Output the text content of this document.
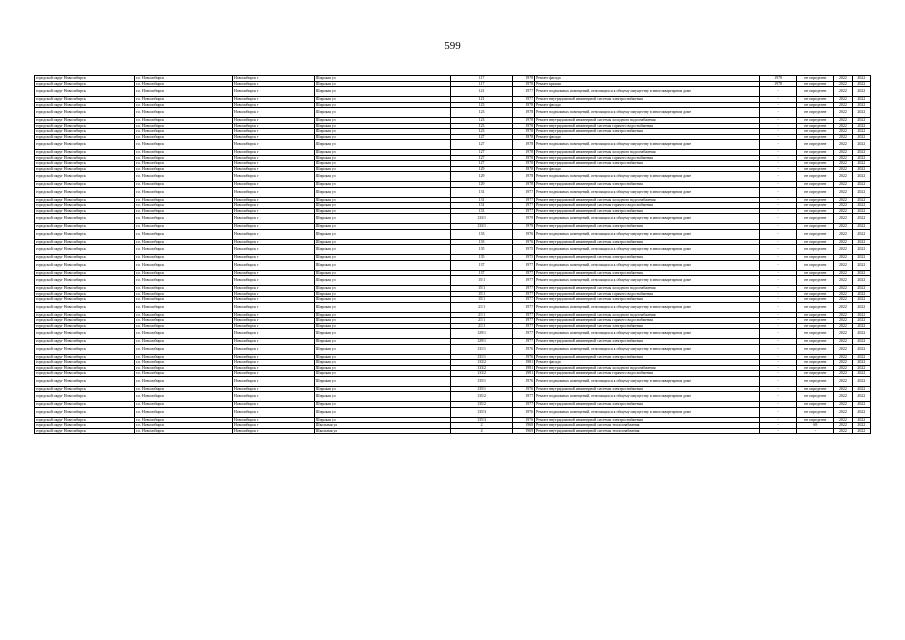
599
городской округ Новосибирск	г.о. Новосибирск	Новосибирск г	Широкая ул	117	1978	Ремонт фасада	1978	не определен	2022	2022
городской округ Новосибирск	г.о. Новосибирск	Новосибирск г	Широкая ул	117	1978	Ремонт крыши	1978	не определен	2022	2022
городской округ Новосибирск	г.о. Новосибирск	Новосибирск г	Широкая ул	121	1977	Ремонт подвальных помещений, относящихся к общему имуществу в многоквартирном доме	-	не определен	2022	2022
городской округ Новосибирск	г.о. Новосибирск	Новосибирск г	Широкая ул	121	1977	Ремонт внутридомовой инженерной системы электроснабжения	-	не определен	2022	2022
городской округ Новосибирск	г.о. Новосибирск	Новосибирск г	Широкая ул	123	1978	Ремонт фасада	-	не определен	2022	2022
городской округ Новосибирск	г.о. Новосибирск	Новосибирск г	Широкая ул	123	1978	Ремонт подвальных помещений, относящихся к общему имуществу в многоквартирном доме	-	не определен	2022	2022
городской округ Новосибирск	г.о. Новосибирск	Новосибирск г	Широкая ул	123	1978	Ремонт внутридомовой инженерной системы холодного водоснабжения	-	не определен	2022	2022
городской округ Новосибирск	г.о. Новосибирск	Новосибирск г	Широкая ул	123	1978	Ремонт внутридомовой инженерной системы горячего водоснабжения	-	не определен	2022	2022
городской округ Новосибирск	г.о. Новосибирск	Новосибирск г	Широкая ул	123	1978	Ремонт внутридомовой инженерной системы электроснабжения	-	не определен	2022	2022
городской округ Новосибирск	г.о. Новосибирск	Новосибирск г	Широкая ул	127	1978	Ремонт фасада	-	не определен	2022	2022
городской округ Новосибирск	г.о. Новосибирск	Новосибирск г	Широкая ул	127	1978	Ремонт подвальных помещений, относящихся к общему имуществу в многоквартирном доме	-	не определен	2022	2022
городской округ Новосибирск	г.о. Новосибирск	Новосибирск г	Широкая ул	127	1978	Ремонт внутридомовой инженерной системы холодного водоснабжения	-	не определен	2022	2022
городской округ Новосибирск	г.о. Новосибирск	Новосибирск г	Широкая ул	127	1978	Ремонт внутридомовой инженерной системы горячего водоснабжения	-	не определен	2022	2022
городской округ Новосибирск	г.о. Новосибирск	Новосибирск г	Широкая ул	127	1978	Ремонт внутридомовой инженерной системы электроснабжения	-	не определен	2022	2022
городской округ Новосибирск	г.о. Новосибирск	Новосибирск г	Широкая ул	129	1978	Ремонт фасада	-	не определен	2022	2022
городской округ Новосибирск	г.о. Новосибирск	Новосибирск г	Широкая ул	129	1978	Ремонт подвальных помещений, относящихся к общему имуществу в многоквартирном доме	-	не определен	2022	2022
городской округ Новосибирск	г.о. Новосибирск	Новосибирск г	Широкая ул	129	1978	Ремонт внутридомовой инженерной системы электроснабжения	-	не определен	2022	2022
городской округ Новосибирск	г.о. Новосибирск	Новосибирск г	Широкая ул	131	1977	Ремонт подвальных помещений, относящихся к общему имуществу в многоквартирном доме	-	не определен	2022	2022
городской округ Новосибирск	г.о. Новосибирск	Новосибирск г	Широкая ул	131	1977	Ремонт внутридомовой инженерной системы холодного водоснабжения	-	не определен	2022	2022
городской округ Новосибирск	г.о. Новосибирск	Новосибирск г	Широкая ул	131	1977	Ремонт внутридомовой инженерной системы горячего водоснабжения	-	не определен	2022	2022
городской округ Новосибирск	г.о. Новосибирск	Новосибирск г	Широкая ул	131	1977	Ремонт внутридомовой инженерной системы электроснабжения	-	не определен	2022	2022
городской округ Новосибирск	г.о. Новосибирск	Новосибирск г	Широкая ул	133/1	1979	Ремонт подвальных помещений, относящихся к общему имуществу в многоквартирном доме	-	не определен	2022	2022
городской округ Новосибирск	г.о. Новосибирск	Новосибирск г	Широкая ул	133/1	1979	Ремонт внутридомовой инженерной системы электроснабжения	-	не определен	2022	2022
городской округ Новосибирск	г.о. Новосибирск	Новосибирск г	Широкая ул	133	1976	Ремонт подвальных помещений, относящихся к общему имуществу в многоквартирном доме	-	не определен	2022	2022
городской округ Новосибирск	г.о. Новосибирск	Новосибирск г	Широкая ул	133	1976	Ремонт внутридомовой инженерной системы электроснабжения	-	не определен	2022	2022
городской округ Новосибирск	г.о. Новосибирск	Новосибирск г	Широкая ул	135	1975	Ремонт подвальных помещений, относящихся к общему имуществу в многоквартирном доме	-	не определен	2022	2022
городской округ Новосибирск	г.о. Новосибирск	Новосибирск г	Широкая ул	135	1975	Ремонт внутридомовой инженерной системы электроснабжения	-	не определен	2022	2022
городской округ Новосибирск	г.о. Новосибирск	Новосибирск г	Широкая ул	137	1977	Ремонт подвальных помещений, относящихся к общему имуществу в многоквартирном доме	-	не определен	2022	2022
городской округ Новосибирск	г.о. Новосибирск	Новосибирск г	Широкая ул	137	1977	Ремонт внутридомовой инженерной системы электроснабжения	-	не определен	2022	2022
городской округ Новосибирск	г.о. Новосибирск	Новосибирск г	Широкая ул	15/1	1977	Ремонт подвальных помещений, относящихся к общему имуществу в многоквартирном доме	-	не определен	2022	2022
городской округ Новосибирск	г.о. Новосибирск	Новосибирск г	Широкая ул	15/1	1977	Ремонт внутридомовой инженерной системы холодного водоснабжения	-	не определен	2022	2022
городской округ Новосибирск	г.о. Новосибирск	Новосибирск г	Широкая ул	15/1	1977	Ремонт внутридомовой инженерной системы горячего водоснабжения	-	не определен	2022	2022
городской округ Новосибирск	г.о. Новосибирск	Новосибирск г	Широкая ул	15/1	1977	Ремонт внутридомовой инженерной системы электроснабжения	-	не определен	2022	2022
городской округ Новосибирск	г.о. Новосибирск	Новосибирск г	Широкая ул	21/1	1977	Ремонт подвальных помещений, относящихся к общему имуществу в многоквартирном доме	-	не определен	2022	2022
городской округ Новосибирск	г.о. Новосибирск	Новосибирск г	Широкая ул	21/1	1977	Ремонт внутридомовой инженерной системы холодного водоснабжения	-	не определен	2022	2022
городской округ Новосибирск	г.о. Новосибирск	Новосибирск г	Широкая ул	21/1	1977	Ремонт внутридомовой инженерной системы горячего водоснабжения	-	не определен	2022	2022
городской округ Новосибирск	г.о. Новосибирск	Новосибирск г	Широкая ул	21/1	1977	Ремонт внутридомовой инженерной системы электроснабжения	-	не определен	2022	2022
городской округ Новосибирск	г.о. Новосибирск	Новосибирск г	Широкая ул	129/1	1977	Ремонт подвальных помещений, относящихся к общему имуществу в многоквартирном доме	-	не определен	2022	2022
городской округ Новосибирск	г.о. Новосибирск	Новосибирск г	Широкая ул	129/1	1977	Ремонт внутридомовой инженерной системы электроснабжения	-	не определен	2022	2022
городской округ Новосибирск	г.о. Новосибирск	Новосибирск г	Широкая ул	131/1	1976	Ремонт подвальных помещений, относящихся к общему имуществу в многоквартирном доме	-	не определен	2022	2022
городской округ Новосибирск	г.о. Новосибирск	Новосибирск г	Широкая ул	131/1	1976	Ремонт внутридомовой инженерной системы электроснабжения	-	не определен	2022	2022
городской округ Новосибирск	г.о. Новосибирск	Новосибирск г	Широкая ул	133/2	1981	Ремонт фасада	-	не определен	2022	2022
городской округ Новосибирск	г.о. Новосибирск	Новосибирск г	Широкая ул	133/2	1981	Ремонт внутридомовой инженерной системы холодного водоснабжения	-	не определен	2022	2022
городской округ Новосибирск	г.о. Новосибирск	Новосибирск г	Широкая ул	133/2	1981	Ремонт внутридомовой инженерной системы горячего водоснабжения	-	не определен	2022	2022
городской округ Новосибирск	г.о. Новосибирск	Новосибирск г	Широкая ул	135/1	1976	Ремонт подвальных помещений, относящихся к общему имуществу в многоквартирном доме	-	не определен	2022	2022
городской округ Новосибирск	г.о. Новосибирск	Новосибирск г	Широкая ул	135/1	1976	Ремонт внутридомовой инженерной системы электроснабжения	-	не определен	2022	2022
городской округ Новосибирск	г.о. Новосибирск	Новосибирск г	Широкая ул	135/2	1977	Ремонт подвальных помещений, относящихся к общему имуществу в многоквартирном доме	-	не определен	2022	2022
городской округ Новосибирск	г.о. Новосибирск	Новосибирск г	Широкая ул	135/2	1977	Ремонт внутридомовой инженерной системы электроснабжения	-	не определен	2022	2022
городской округ Новосибирск	г.о. Новосибирск	Новосибирск г	Широкая ул	135/3	1976	Ремонт подвальных помещений, относящихся к общему имуществу в многоквартирном доме	-	не определен	2022	2022
городской округ Новосибирск	г.о. Новосибирск	Новосибирск г	Широкая ул	135/3	1976	Ремонт внутридомовой инженерной системы электроснабжения	-	не определен	2022	2022
городской округ Новосибирск	г.о. Новосибирск	Новосибирск г	Школьная ул	2	1968	Ремонт внутридомовой инженерной системы теплоснабжения	-	69	2022	2022
городской округ Новосибирск	г.о. Новосибирск	Новосибирск г	Школьная ул	4	1969	Ремонт внутридомовой инженерной системы теплоснабжения	-	-	2022	2022
